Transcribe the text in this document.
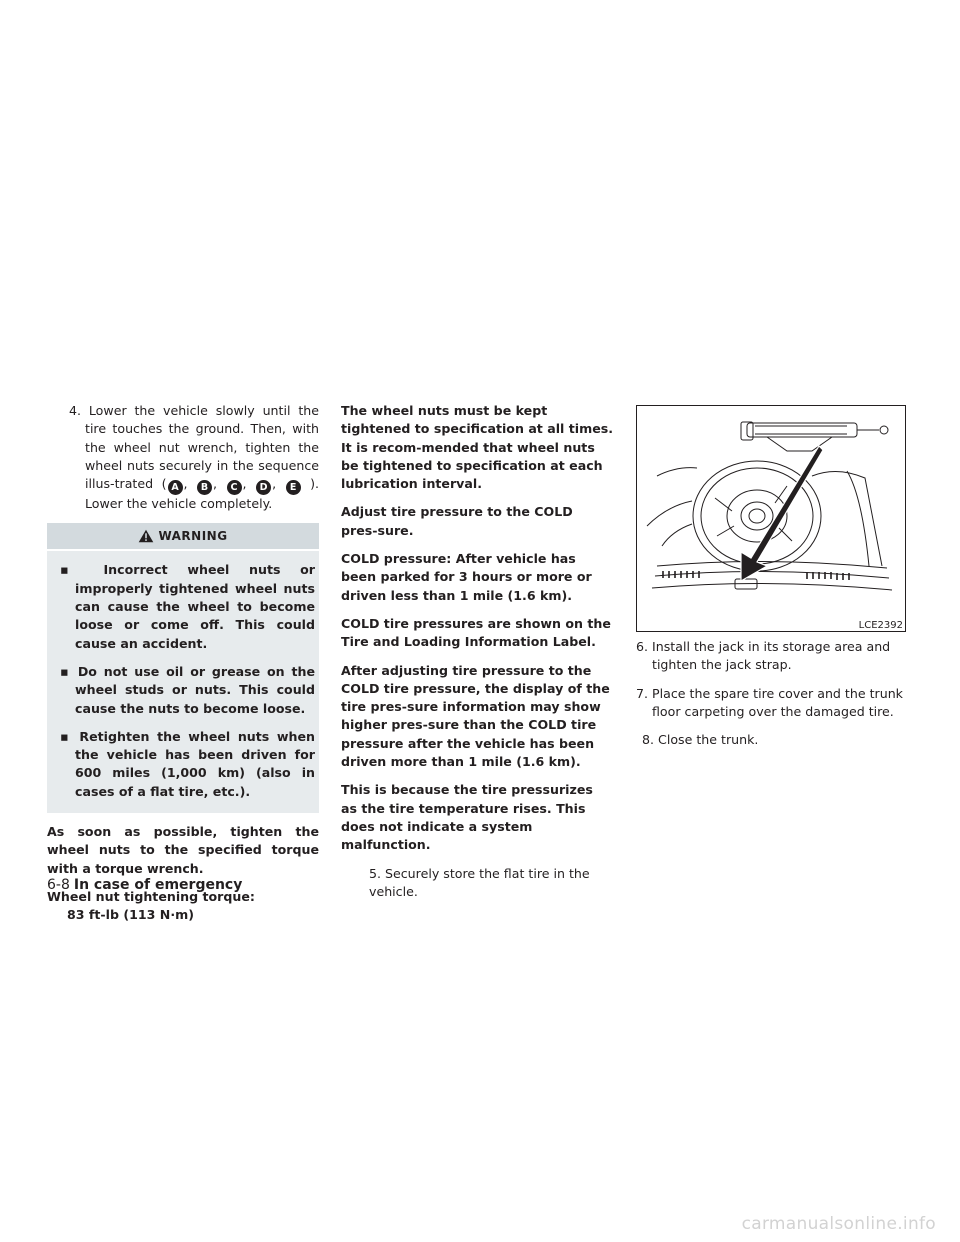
4. Lower the vehicle slowly until the tire touches the ground. Then, with the wheel nut wrench, tighten the wheel nuts securely in the sequence illus-trated ( A , B , C , D , E ). Lower the vehicle completely.

WARNING

▪ Incorrect wheel nuts or improperly tightened wheel nuts can cause the wheel to become loose or come off. This could cause an accident.

▪ Do not use oil or grease on the wheel studs or nuts. This could cause the nuts to become loose.

▪ Retighten the wheel nuts when the vehicle has been driven for 600 miles (1,000 km) (also in cases of a flat tire, etc.).

As soon as possible, tighten the wheel nuts to the specified torque with a torque wrench.

Wheel nut tightening torque:

83 ft-lb (113 N·m)

The wheel nuts must be kept tightened to specification at all times. It is recom-mended that wheel nuts be tightened to specification at each lubrication interval.

Adjust tire pressure to the COLD pres-sure.

COLD pressure: After vehicle has been parked for 3 hours or more or driven less than 1 mile (1.6 km).

COLD tire pressures are shown on the Tire and Loading Information Label.

After adjusting tire pressure to the COLD tire pressure, the display of the tire pres-sure information may show higher pres-sure than the COLD tire pressure after the vehicle has been driven more than 1 mile (1.6 km).

This is because the tire pressurizes as the tire temperature rises. This does not indicate a system malfunction.

5. Securely store the flat tire in the vehicle.

LCE2392

6. Install the jack in its storage area and tighten the jack strap.

7. Place the spare tire cover and the trunk floor carpeting over the damaged tire.

8. Close the trunk.

6-8 In case of emergency
carmanualsonline.info
